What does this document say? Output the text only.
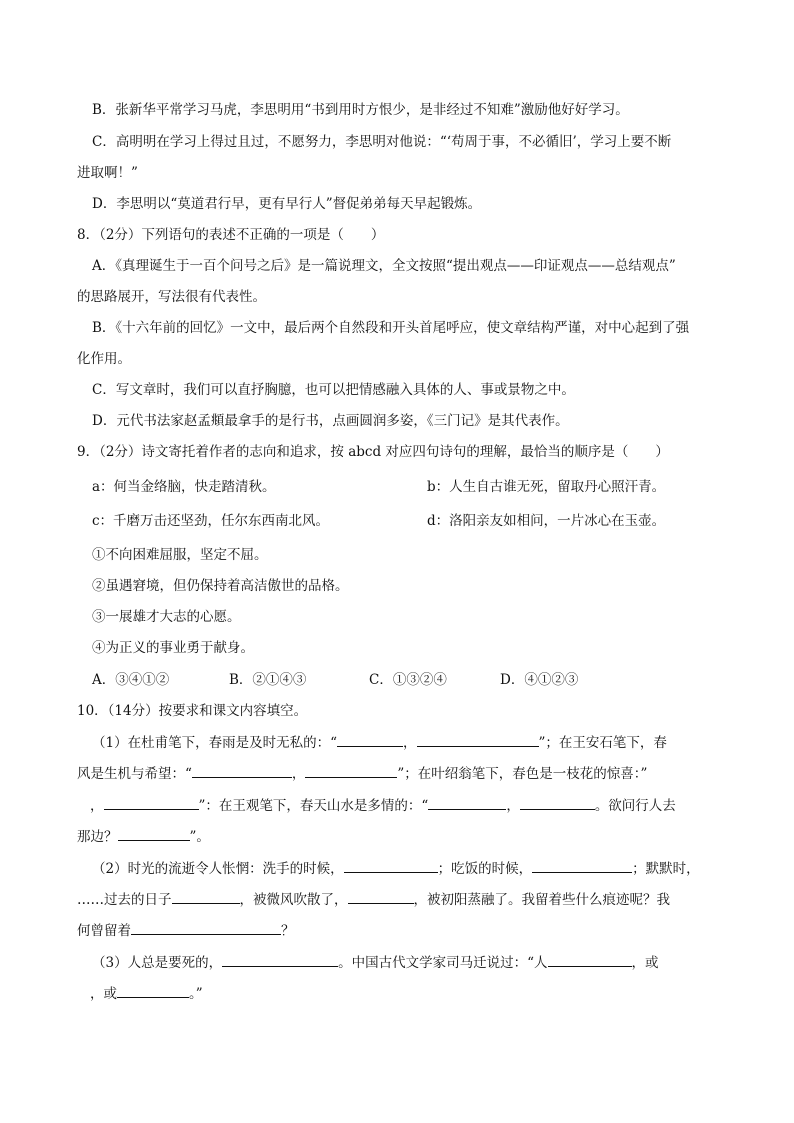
B．张新华平常学习马虎，李思明用“书到用时方恨少，是非经过不知难”激励他好好学习。
C．高明明在学习上得过且过，不愿努力，李思明对他说：“‘苟周于事，不必循旧’，学习上要不断
进取啊！”
D．李思明以“莫道君行早，更有早行人”督促弟弟每天早起锻炼。
8．（2分）下列语句的表述不正确的一项是（　　）
A．《真理诞生于一百个问号之后》是一篇说理文，全文按照“提出观点——印证观点——总结观点”
的思路展开，写法很有代表性。
B．《十六年前的回忆》一文中，最后两个自然段和开头首尾呼应，使文章结构严谨，对中心起到了强
化作用。
C．写文章时，我们可以直抒胸臆，也可以把情感融入具体的人、事或景物之中。
D．元代书法家赵孟頫最拿手的是行书，点画圆润多姿，《三门记》是其代表作。
9．（2分）诗文寄托着作者的志向和追求，按 abcd 对应四句诗句的理解，最恰当的顺序是（　　）
a：何当金络脑，快走踏清秋。	b：人生自古谁无死，留取丹心照汗青。
c：千磨万击还坚劲，任尔东西南北风。	d：洛阳亲友如相问，一片冰心在玉壶。
①不向困难屈服，坚定不屈。
②虽遇窘境，但仍保持着高洁傲世的品格。
③一展雄才大志的心愿。
④为正义的事业勇于献身。
A．③④①②	B．②①④③	C．①③②④	D．④①②③
10．（14分）按要求和课文内容填空。
（1）在杜甫笔下，春雨是及时无私的：“	，	”；在王安石笔下，春
风是生机与希望：“	，	”；在叶绍翁笔下，春色是一枝花的惊喜：”
，	”：在王观笔下，春天山水是多情的：“	，	。欲问行人去
那边？	”。
（2）时光的流逝令人怅惘：洗手的时候，	；吃饭的时候，	；默默时，
……过去的日子	，被微风吹散了，	，被初阳蒸融了。我留着些什么痕迹呢？我
何曾留着	？
（3）人总是要死的，	。中国古代文学家司马迁说过：“人	，或
，或	。”
